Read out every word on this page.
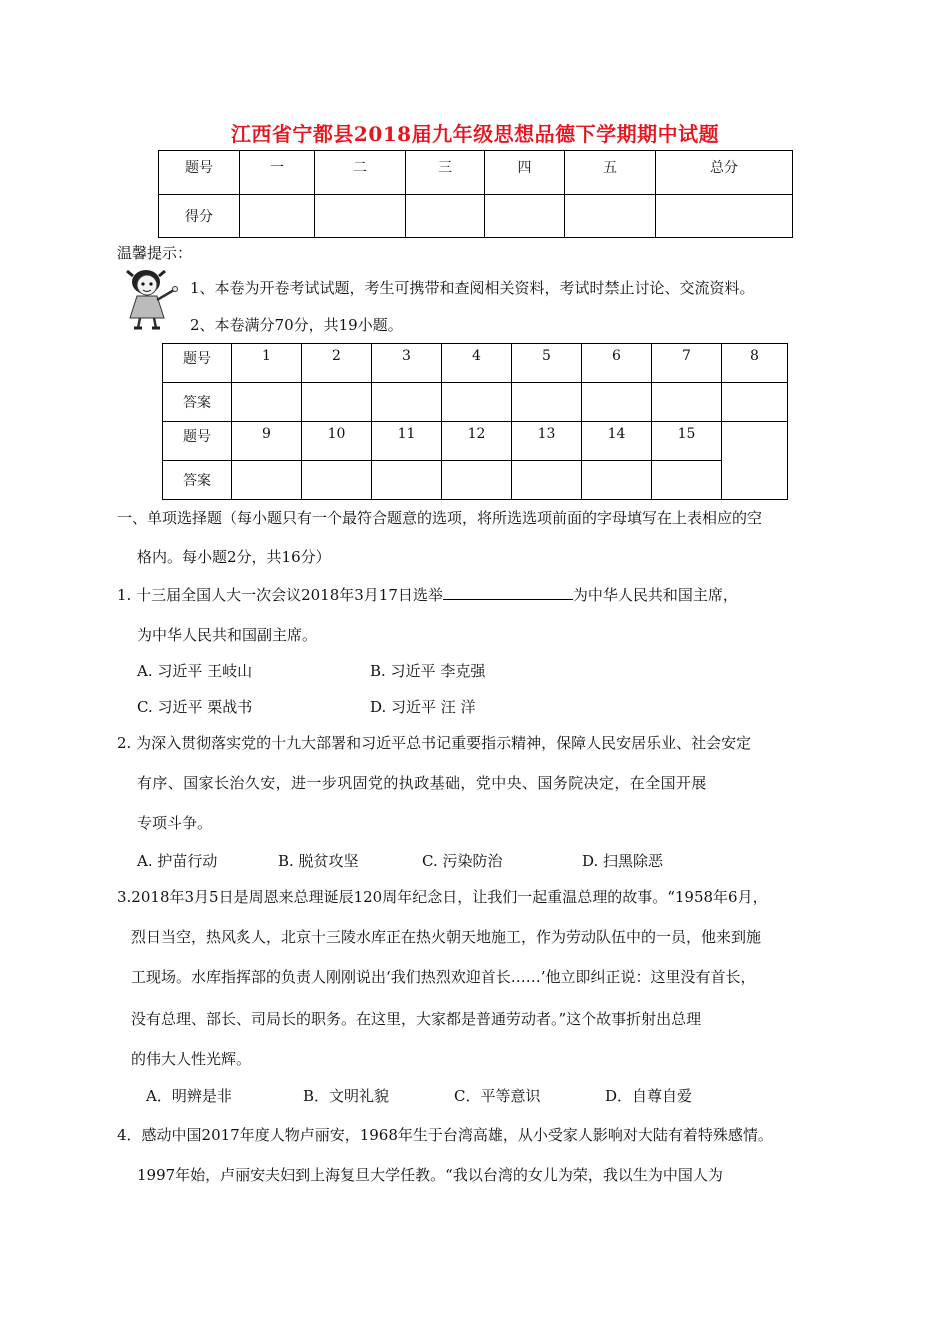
江西省宁都县2018届九年级思想品德下学期期中试题
题号	一	二	三	四	五	总分
得分						
温馨提示：
1、本卷为开卷考试试题，考生可携带和查阅相关资料，考试时禁止讨论、交流资料。
2、本卷满分70分，共19小题。
题号	1	2	3	4	5	6	7	8
答案								
题号	9	10	11	12	13	14	15	
答案								
一、单项选择题（每小题只有一个最符合题意的选项，将所选选项前面的字母填写在上表相应的空
格内。每小题2分，共16分）
1. 十三届全国人大一次会议2018年3月17日选举	为中华人民共和国主席，
为中华人民共和国副主席。
A. 习近平 王岐山	B. 习近平 李克强
C. 习近平 栗战书	D. 习近平 汪 洋
2. 为深入贯彻落实党的十九大部署和习近平总书记重要指示精神，保障人民安居乐业、社会安定
有序、国家长治久安，进一步巩固党的执政基础，党中央、国务院决定，在全国开展
专项斗争。
A. 护苗行动	B. 脱贫攻坚	C. 污染防治	D. 扫黑除恶
3.2018年3月5日是周恩来总理诞辰120周年纪念日，让我们一起重温总理的故事。“1958年6月，
烈日当空，热风炙人，北京十三陵水库正在热火朝天地施工，作为劳动队伍中的一员，他来到施
工现场。水库指挥部的负责人刚刚说出‘我们热烈欢迎首长……’他立即纠正说：这里没有首长，
没有总理、部长、司局长的职务。在这里，大家都是普通劳动者。”这个故事折射出总理
的伟大人性光辉。
A．明辨是非	B．文明礼貌	C．平等意识	D．自尊自爱
4．感动中国2017年度人物卢丽安，1968年生于台湾高雄，从小受家人影响对大陆有着特殊感情。
1997年始，卢丽安夫妇到上海复旦大学任教。“我以台湾的女儿为荣，我以生为中国人为
